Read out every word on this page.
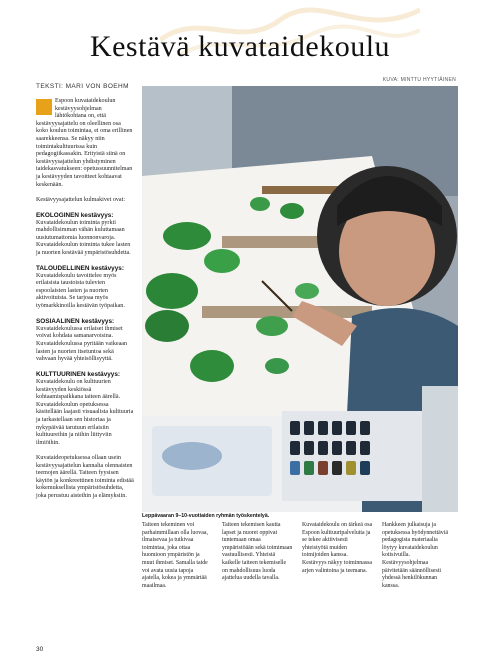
Kestävä kuvataidekoulu
KUVA: MINTTU HYYTIÄINEN
TEKSTI: MARI VON BOEHM

Espoon kuvataidekoulun kestävyysohjelman lähtökohtana on, että kestävyysajattelu on oleellinen osa koko koulun toimintaa, ei oma erillinen saarekkeensa. Se näkyy niin toimintakulttuurissa kuin pedagogiikassakin. Erityistä siinä on kestävyysajattelun yhdistyminen taidekasvatukseen: opetussuunnitelman ja kestävyyden tavoitteet kohtaavat keskenään.

Kestävyysajattelun kulmakivet ovat:

EKOLOGINEN kestävyys:

Kuvataidekoulun toiminta pyrkii mahdollisimman vähän kuluttamaan uusiutumattomia luonnonvaroja. Kuvataidekoulun toiminta tukee lasten ja nuorten kestävää ympäristösuhdetta.

TALOUDELLINEN kestävyys:

Kuvataidekoulu tavoittelee myös erilaisista taustoista tulevien espoolaisten lasten ja nuorten aktivoituista. Se tarjoaa myös työmarkkinoilla kestävän työpaikan.

SOSIAALINEN kestävyys:

Kuvataidekoulussa erilaiset ihmiset voivat kohdata samanarvoisina. Kuvataidekoulussa pyritään vaikeaan lasten ja nuorten itsetuntoa sekä vahvaan hyvää yhteisöllisyyttä.

KULTTUURINEN kestävyys:

Kuvataidekoulu on kulttuurien kestävyyden keskiössä kohtaamispaikkana taiteen äärellä. Kuvataidekoulun opetuksessa käsitellään laajasti visuaalista kulttuuria ja tarkastellaan sen historiaa ja nykypäivää tarutuun erilaisiin kulttuureihin ja niihin liittyviin ilmiöihin.

Kuvataideopetuksessa ollaan usein kestävyysajattelun kannalta olennaisten teemojen äärellä. Taiteen fyysisen käytön ja konkreettinen toiminta edistää kokemuksellista ympäristösuhdetta, joka perustuu aisteihin ja elämyksiin.

Leppävaaran 9–10-vuotiaiden ryhmän työskentelyä.

Taiteen tekeminen voi parhaimmillaan olla luovaa, ilmaisevaa ja tutkivaa toimintaa, joka ottaa huomioon ympäristön ja muut ihmiset. Samalla taide voi avata uusia tapoja ajatella, kokea ja ymmärtää maailmaa.

Taiteen tekemisen kautta lapset ja nuoret oppivat tuntemaan omaa ympäristöään sekä toimimaan vastuullisesti. Yhteistä kaikelle taiteen tekemiselle on mahdollisuus luoda ajattelua uudella tavalla.

Kuvataidekoulu on tärkeä osa Espoon kulttuuripalveluita ja se tekee aktiivisesti yhteistyötä muiden toimijoiden kanssa. Kestävyys näkyy toiminnassa arjen valintoina ja teemana.

Hankkeen julkaisuja ja opetuksessa hyödynnettäviä pedagogista materiaalia löytyy kuvataidekoulun kotisivuilla. Kestävyysohjelmaa päivitetään säännöllisesti yhdessä henkilökunnan kanssa.

30
